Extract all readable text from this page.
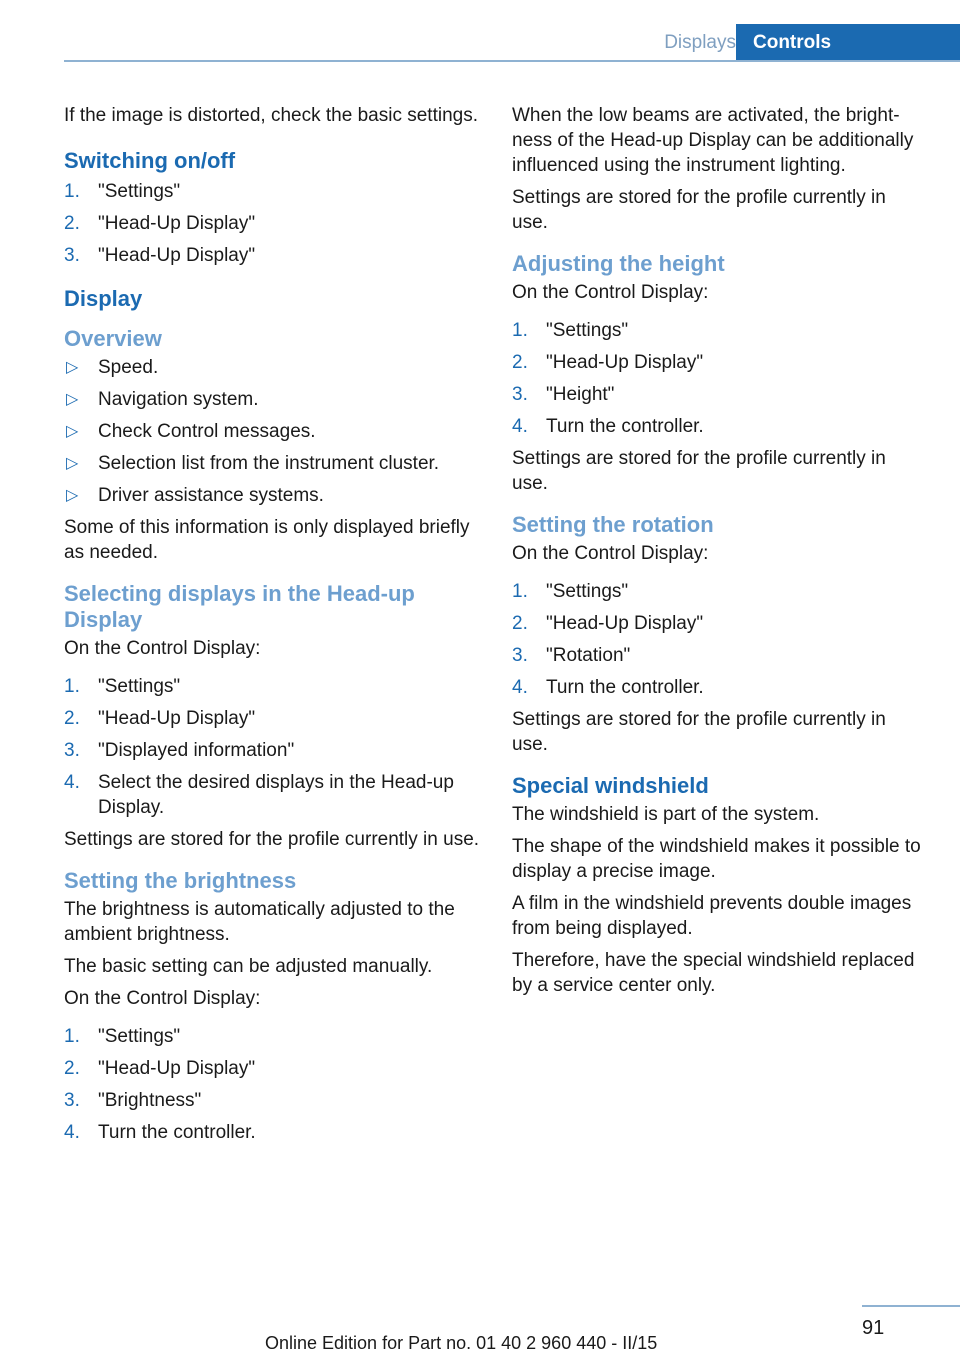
Displays Controls

If the image is distorted, check the basic settings.

Switching on/off
1. "Settings"
2. "Head-Up Display"
3. "Head-Up Display"
Display
Overview
▷ Speed.
▷ Navigation system.
▷ Check Control messages.
▷ Selection list from the instrument cluster.
▷ Driver assistance systems.

Some of this information is only displayed briefly as needed.

Selecting displays in the Head-up Display

On the Control Display:

1. "Settings"
2. "Head-Up Display"
3. "Displayed information"
4. Select the desired displays in the Head-up Display.

Settings are stored for the profile currently in use.

Setting the brightness

The brightness is automatically adjusted to the ambient brightness.

The basic setting can be adjusted manually.

On the Control Display:

1. "Settings"
2. "Head-Up Display"
3. "Brightness"
4. Turn the controller.

When the low beams are activated, the brightness of the Head-up Display can be additionally influenced using the instrument lighting.

Settings are stored for the profile currently in use.

Adjusting the height

On the Control Display:

1. "Settings"
2. "Head-Up Display"
3. "Height"
4. Turn the controller.

Settings are stored for the profile currently in use.

Setting the rotation

On the Control Display:

1. "Settings"
2. "Head-Up Display"
3. "Rotation"
4. Turn the controller.

Settings are stored for the profile currently in use.

Special windshield

The windshield is part of the system.

The shape of the windshield makes it possible to display a precise image.

A film in the windshield prevents double images from being displayed.

Therefore, have the special windshield replaced by a service center only.

91
Online Edition for Part no. 01 40 2 960 440 - II/15
